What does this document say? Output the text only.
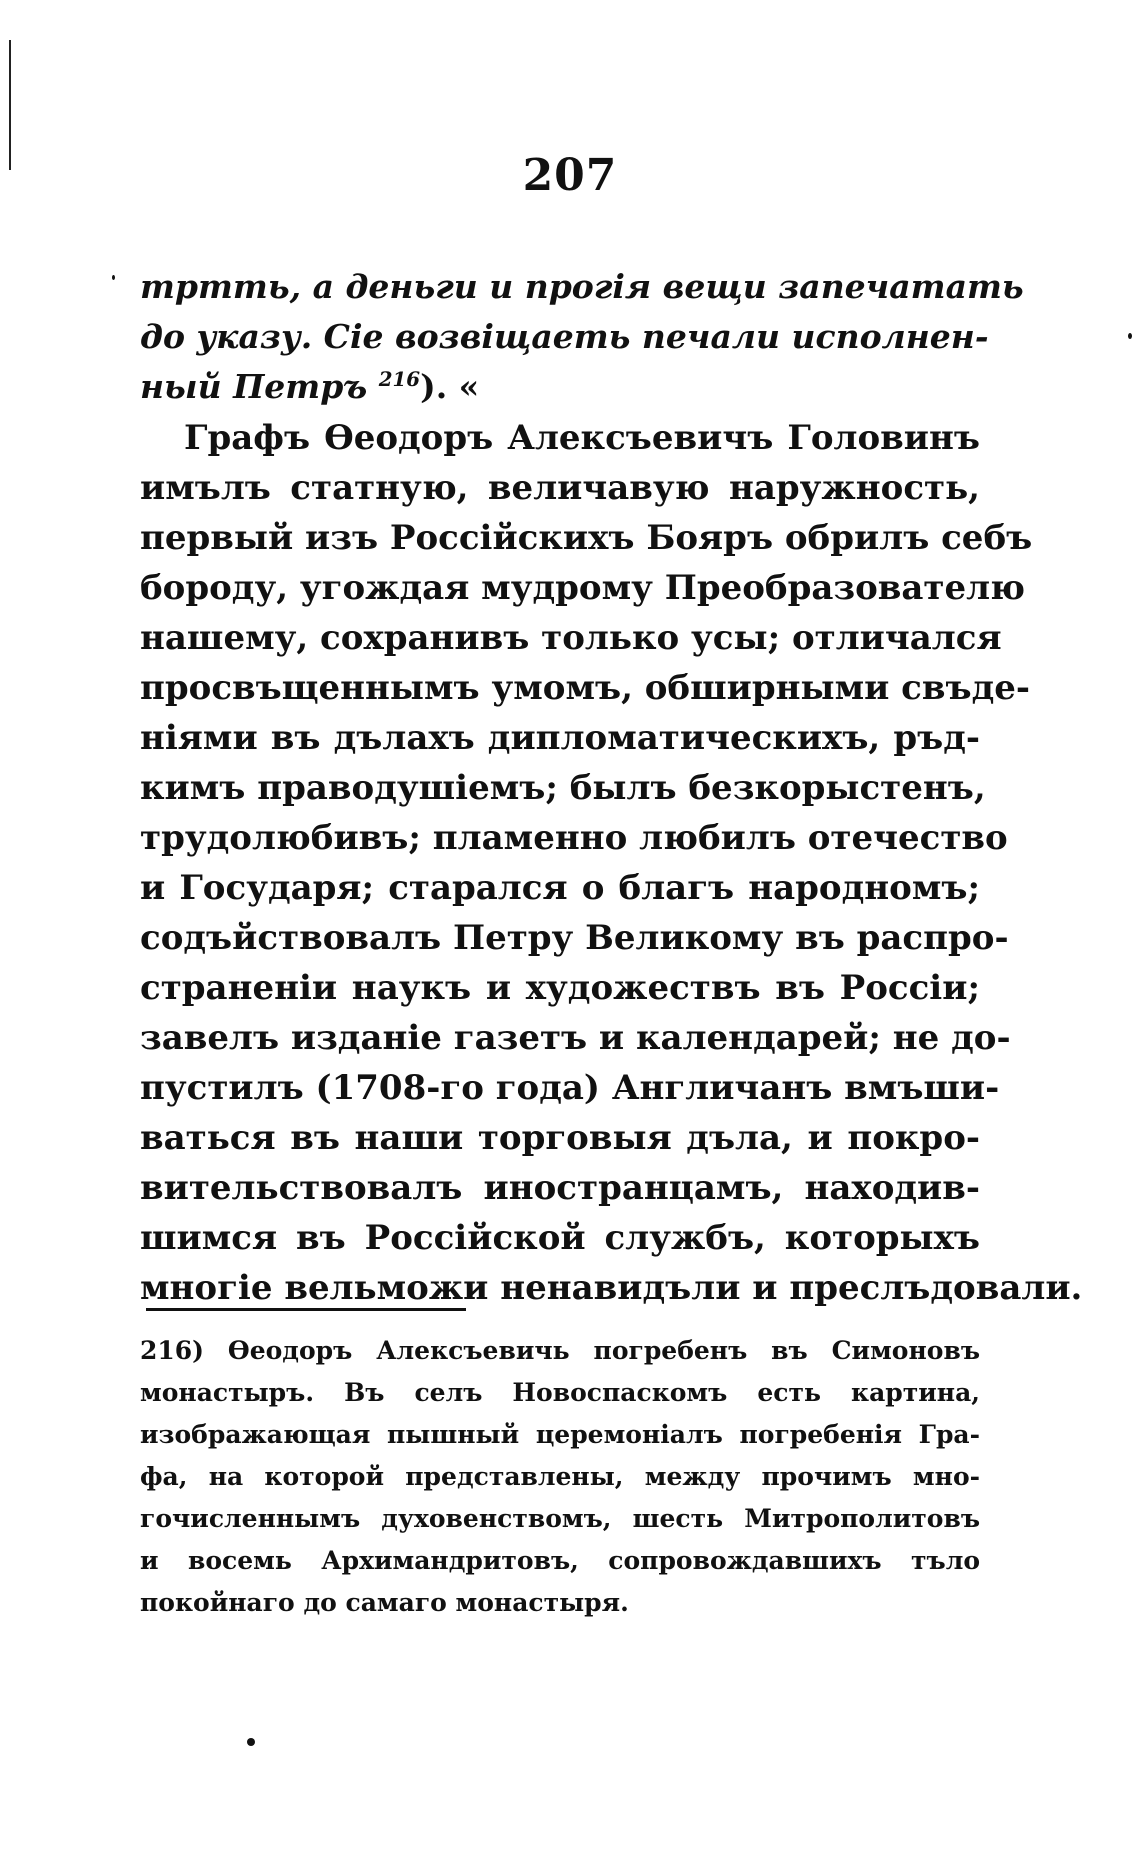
207
тртть, а деньги и прогія вещи запечатать
до указу. Сіе возвіщаеть печали исполнен-
ный Петръ $^{216}$). «
Графъ Өеодоръ Алексъевичъ Головинъ
имълъ статную, величавую наружность,
первый изъ Россійскихъ Бояръ обрилъ себъ
бороду, угождая мудрому Преобразователю
нашему, сохранивъ только усы; отличался
просвъщеннымъ умомъ, обширными свъде-
ніями въ дълахъ дипломатическихъ, ръд-
кимъ праводушіемъ; былъ безкорыстенъ,
трудолюбивъ; пламенно любилъ отечество
и Государя; старался о благъ народномъ;
содъйствовалъ Петру Великому въ распро-
страненіи наукъ и художествъ въ Россіи;
завелъ изданіе газетъ и календарей; не до-
пустилъ (1708-го года) Англичанъ вмъши-
ваться въ наши торговыя дъла, и покро-
вительствовалъ иностранцамъ, находив-
шимся въ Россійской службъ, которыхъ
многіе вельможи ненавидъли и преслъдовали.
216) Өеодоръ Алексъевичь погребенъ въ Симоновъ
монастыръ. Въ селъ Новоспаскомъ есть картина,
изображающая пышный церемоніалъ погребенія Гра-
фа, на которой представлены, между прочимъ мно-
гочисленнымъ духовенствомъ, шесть Митрополитовъ
и восемь Архимандритовъ, сопровождавшихъ тъло
покойнаго до самаго монастыря.
